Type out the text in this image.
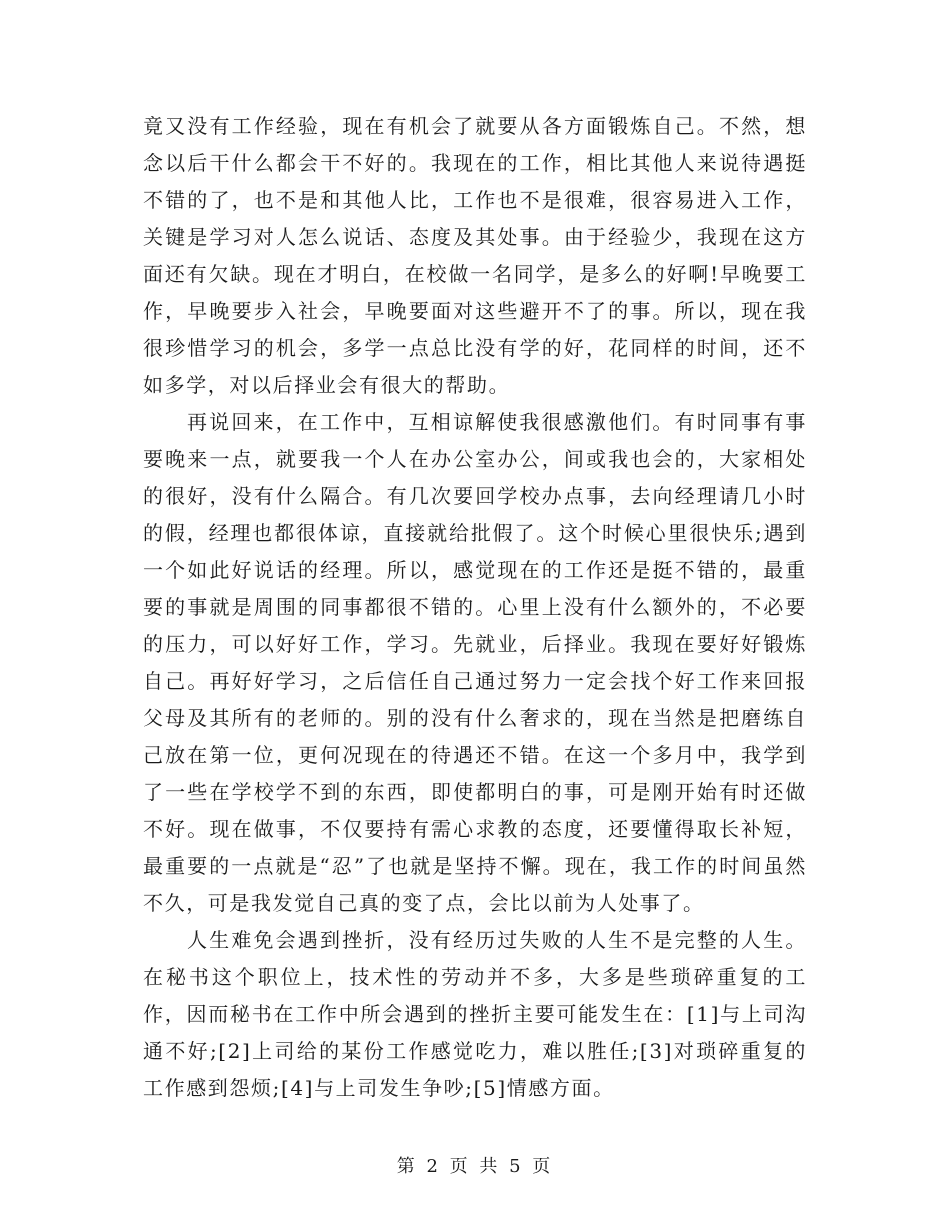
竟又没有工作经验，现在有机会了就要从各方面锻炼自己。不然，想念以后干什么都会干不好的。我现在的工作，相比其他人来说待遇挺不错的了，也不是和其他人比，工作也不是很难，很容易进入工作，关键是学习对人怎么说话、态度及其处事。由于经验少，我现在这方面还有欠缺。现在才明白，在校做一名同学，是多么的好啊!早晚要工作，早晚要步入社会，早晚要面对这些避开不了的事。所以，现在我很珍惜学习的机会，多学一点总比没有学的好，花同样的时间，还不如多学，对以后择业会有很大的帮助。

再说回来，在工作中，互相谅解使我很感激他们。有时同事有事要晚来一点，就要我一个人在办公室办公，间或我也会的，大家相处的很好，没有什么隔合。有几次要回学校办点事，去向经理请几小时的假，经理也都很体谅，直接就给批假了。这个时候心里很快乐;遇到一个如此好说话的经理。所以，感觉现在的工作还是挺不错的，最重要的事就是周围的同事都很不错的。心里上没有什么额外的，不必要的压力，可以好好工作，学习。先就业，后择业。我现在要好好锻炼自己。再好好学习，之后信任自己通过努力一定会找个好工作来回报父母及其所有的老师的。别的没有什么奢求的，现在当然是把磨练自己放在第一位，更何况现在的待遇还不错。在这一个多月中，我学到了一些在学校学不到的东西，即使都明白的事，可是刚开始有时还做不好。现在做事，不仅要持有需心求教的态度，还要懂得取长补短，最重要的一点就是“忍”了也就是坚持不懈。现在，我工作的时间虽然不久，可是我发觉自己真的变了点，会比以前为人处事了。

人生难免会遇到挫折，没有经历过失败的人生不是完整的人生。在秘书这个职位上，技术性的劳动并不多，大多是些琐碎重复的工作，因而秘书在工作中所会遇到的挫折主要可能发生在：[1]与上司沟通不好;[2]上司给的某份工作感觉吃力，难以胜任;[3]对琐碎重复的工作感到怨烦;[4]与上司发生争吵;[5]情感方面。

第 2 页 共 5 页
